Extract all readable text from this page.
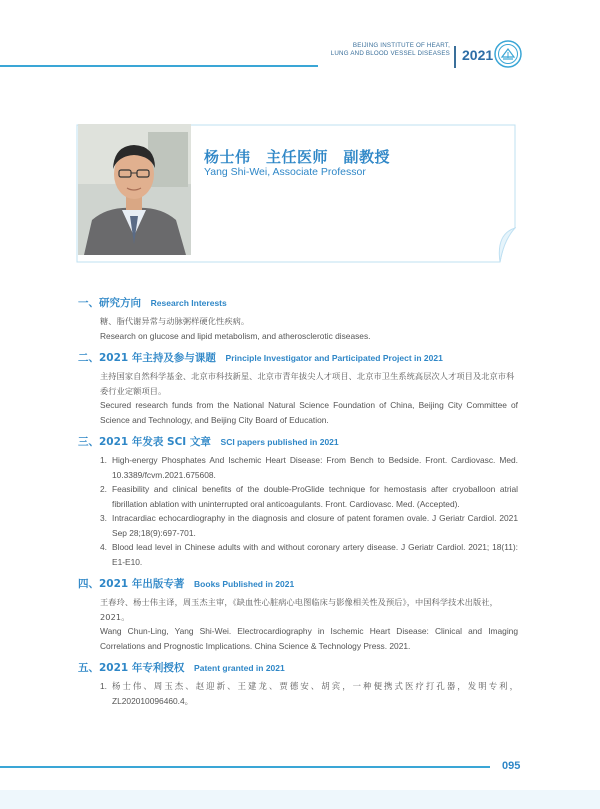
BEIJING INSTITUTE OF HEART,
LUNG AND BLOOD VESSEL DISEASES 2021
杨士伟　主任医师　副教授
Yang Shi-Wei, Associate Professor
一、研究方向 Research Interests
糖、脂代谢异常与动脉粥样硬化性疾病。
Research on glucose and lipid metabolism, and atherosclerotic diseases.
二、2021 年主持及参与课题 Principle Investigator and Participated Project in 2021
主持国家自然科学基金、北京市科技新星、北京市青年拔尖人才项目、北京市卫生系统高层次人才项目及北京市科委行业定额项目。
Secured research funds from the National Natural Science Foundation of China, Beijing City Committee of Science and Technology, and Beijing City Board of Education.
三、2021 年发表 SCI 文章 SCI papers published in 2021
1. High-energy Phosphates And Ischemic Heart Disease: From Bench to Bedside. Front. Cardiovasc. Med. 10.3389/fcvm.2021.675608.
2. Feasibility and clinical benefits of the double-ProGlide technique for hemostasis after cryoballoon atrial fibrillation ablation with uninterrupted oral anticoagulants. Front. Cardiovasc. Med. (Accepted).
3. Intracardiac echocardiography in the diagnosis and closure of patent foramen ovale. J Geriatr Cardiol. 2021 Sep 28;18(9):697-701.
4. Blood lead level in Chinese adults with and without coronary artery disease. J Geriatr Cardiol. 2021; 18(11): E1-E10.
四、2021 年出版专著 Books Published in 2021
王春玲、杨士伟主译，周玉杰主审，《缺血性心脏病心电图临床与影像相关性及预后》，中国科学技术出版社，2021。
Wang Chun-Ling, Yang Shi-Wei. Electrocardiography in Ischemic Heart Disease: Clinical and Imaging Correlations and Prognostic Implications. China Science & Technology Press. 2021.
五、2021 年专利授权 Patent granted in 2021
1. 杨士伟、周玉杰、赵迎新、王建龙、贾德安、胡宾，一种便携式医疗打孔器，发明专利，ZL202010096460.4。
095
